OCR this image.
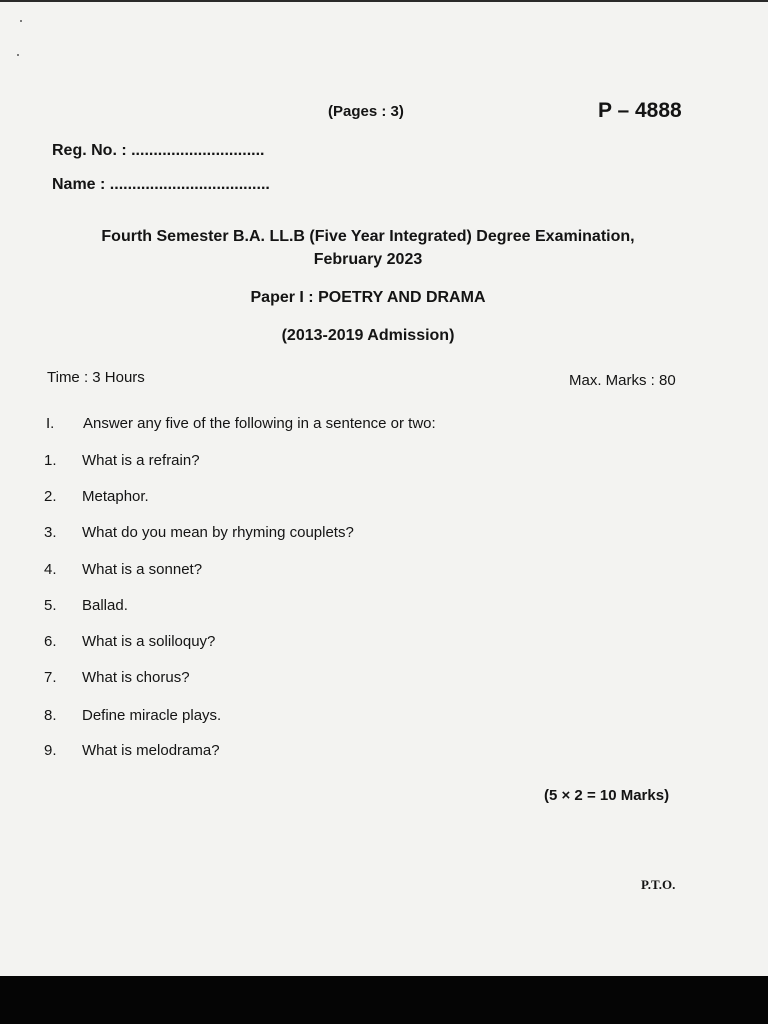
(Pages : 3)	P – 4888
Reg. No. : ..............................
Name : ....................................
Fourth Semester B.A. LL.B (Five Year Integrated) Degree Examination,
February 2023
Paper I : POETRY AND DRAMA
(2013-2019 Admission)
Time : 3 Hours	Max. Marks : 80
I. Answer any five of the following in a sentence or two:
1. What is a refrain?
2. Metaphor.
3. What do you mean by rhyming couplets?
4. What is a sonnet?
5. Ballad.
6. What is a soliloquy?
7. What is chorus?
8. Define miracle plays.
9. What is melodrama?
(5 × 2 = 10 Marks)
P.T.O.
